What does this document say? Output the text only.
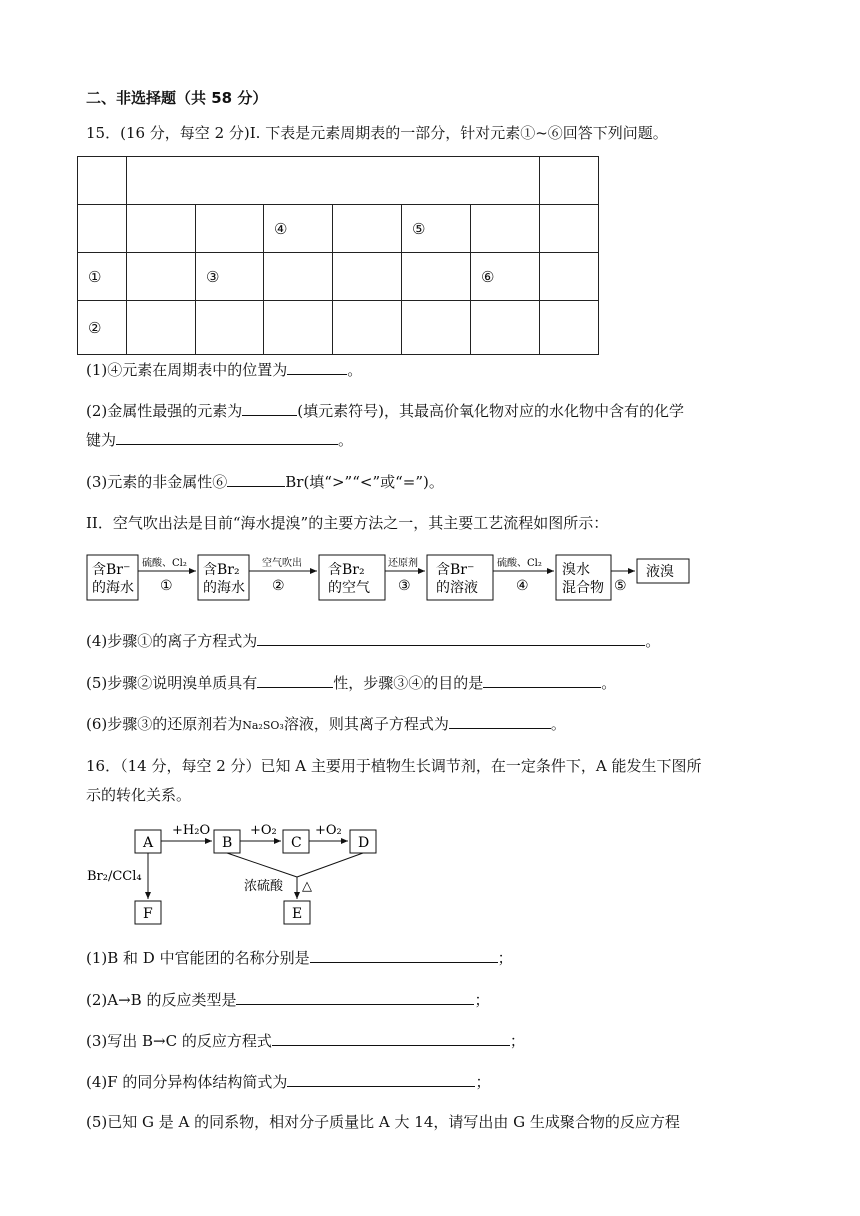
二、非选择题（共 58 分）
15．(16 分，每空 2 分)I. 下表是元素周期表的一部分，针对元素①~⑥回答下列问题。

			④		⑤		
①		③				⑥	
②							
(1)④元素在周期表中的位置为	。
(2)金属性最强的元素为	(填元素符号)，其最高价氧化物对应的水化物中含有的化学
键为	。
(3)元素的非金属性⑥	Br(填“>”“<”或“=”)。
II．空气吹出法是目前“海水提溴”的主要方法之一，其主要工艺流程如图所示：
含Br⁻
的海水
含Br₂
的海水
含Br₂
的空气
含Br⁻
的溶液
溴水
混合物
液溴
硫酸、Cl₂	空气吹出	还原剂	硫酸、Cl₂
①	②	③	④	⑤
(4)步骤①的离子方程式为	。
(5)步骤②说明溴单质具有	性，步骤③④的目的是	。
(6)步骤③的还原剂若为Na₂SO₃溶液，则其离子方程式为	。
16．（14 分，每空 2 分）已知 A 主要用于植物生长调节剂，在一定条件下，A 能发生下图所
示的转化关系。
A	B	C	D
E
F
+H₂O	+O₂	+O₂
Br₂/CCl₄
浓硫酸 △
(1)B 和 D 中官能团的名称分别是	；
(2)A→B 的反应类型是	；
(3)写出 B→C 的反应方程式	；
(4)F 的同分异构体结构简式为	；
(5)已知 G 是 A 的同系物，相对分子质量比 A 大 14，请写出由 G 生成聚合物的反应方程
